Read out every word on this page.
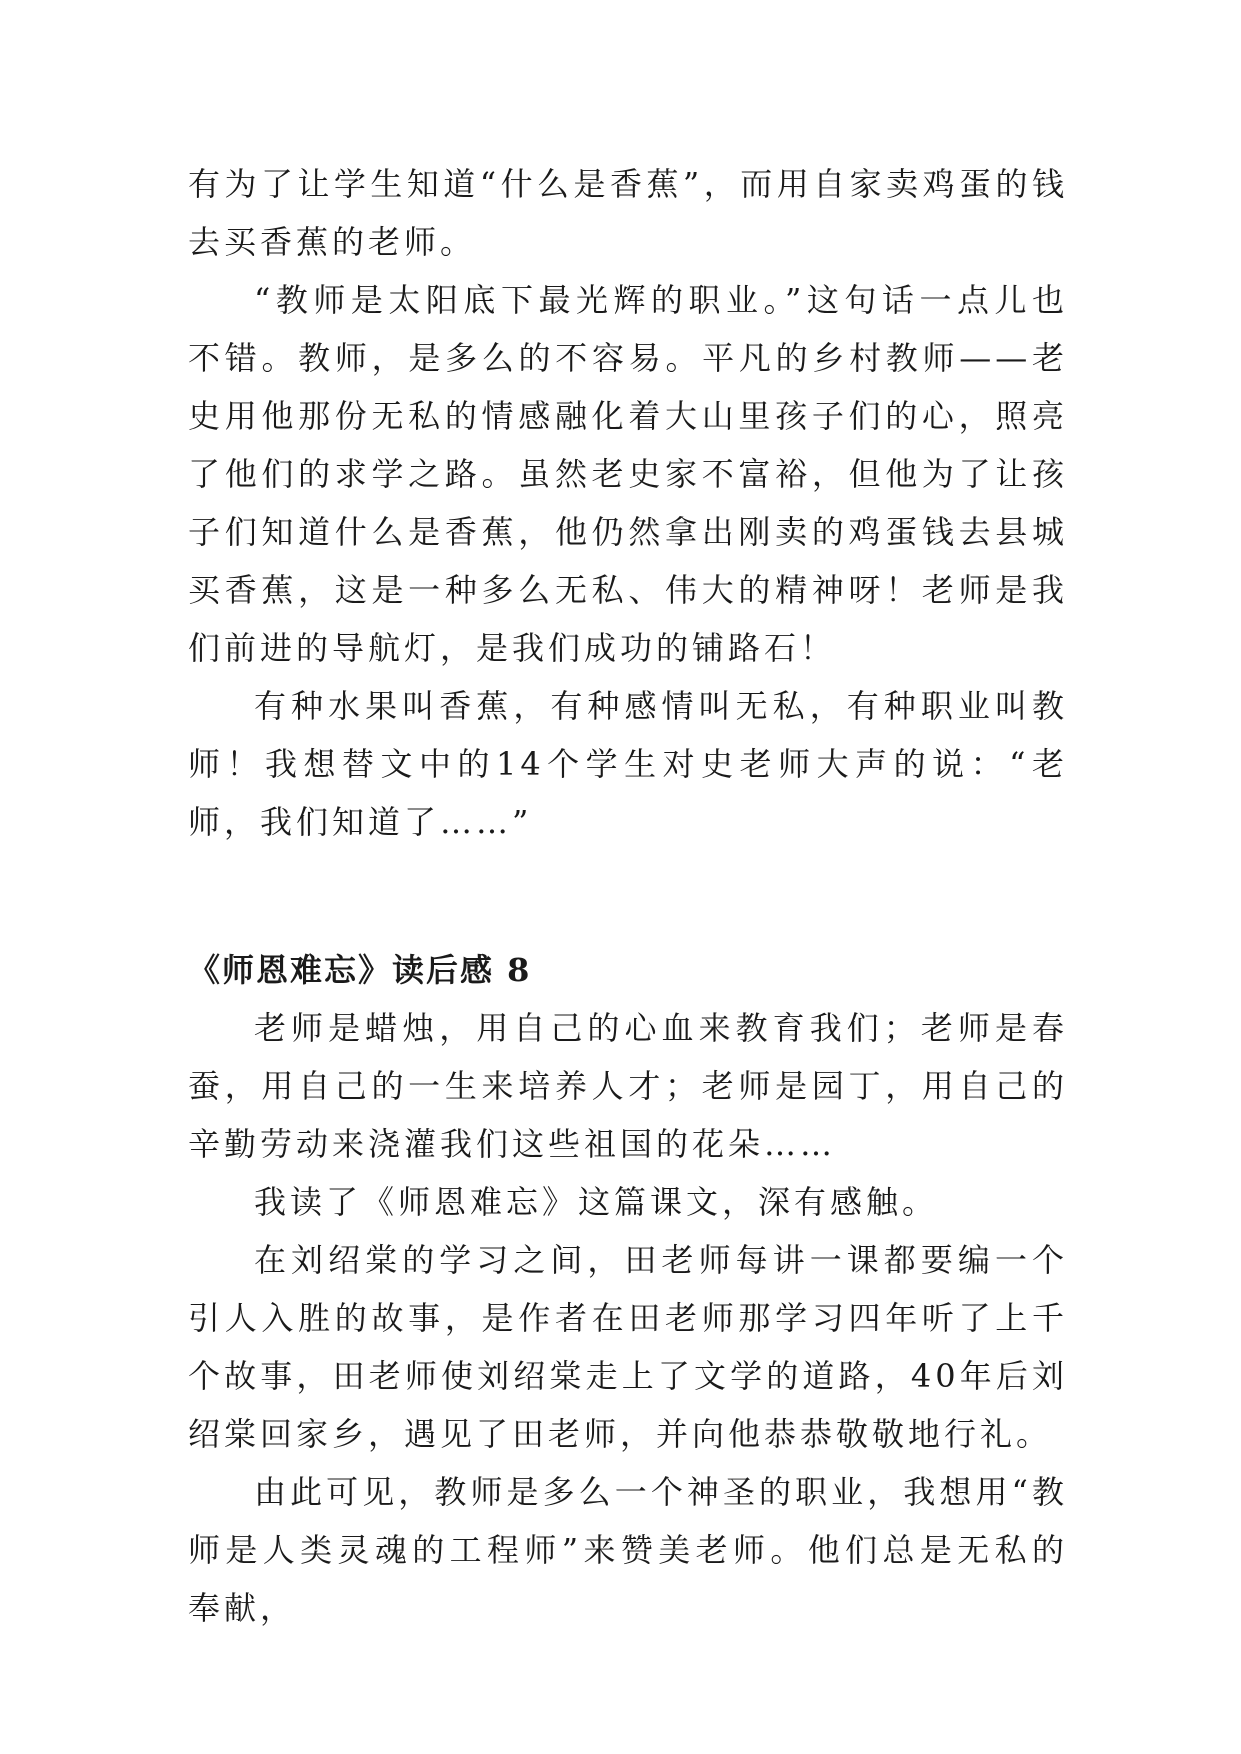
有为了让学生知道“什么是香蕉”，而用自家卖鸡蛋的钱去买香蕉的老师。

“教师是太阳底下最光辉的职业。”这句话一点儿也不错。教师，是多么的不容易。平凡的乡村教师——老史用他那份无私的情感融化着大山里孩子们的心，照亮了他们的求学之路。虽然老史家不富裕，但他为了让孩子们知道什么是香蕉，他仍然拿出刚卖的鸡蛋钱去县城买香蕉，这是一种多么无私、伟大的精神呀！老师是我们前进的导航灯，是我们成功的铺路石！

有种水果叫香蕉，有种感情叫无私，有种职业叫教师！我想替文中的14个学生对史老师大声的说：“老师，我们知道了……”

《师恩难忘》读后感 8

老师是蜡烛，用自己的心血来教育我们；老师是春蚕，用自己的一生来培养人才；老师是园丁，用自己的辛勤劳动来浇灌我们这些祖国的花朵……

我读了《师恩难忘》这篇课文，深有感触。

在刘绍棠的学习之间，田老师每讲一课都要编一个引人入胜的故事，是作者在田老师那学习四年听了上千个故事，田老师使刘绍棠走上了文学的道路，40年后刘绍棠回家乡，遇见了田老师，并向他恭恭敬敬地行礼。

由此可见，教师是多么一个神圣的职业，我想用“教师是人类灵魂的工程师”来赞美老师。他们总是无私的奉献，
